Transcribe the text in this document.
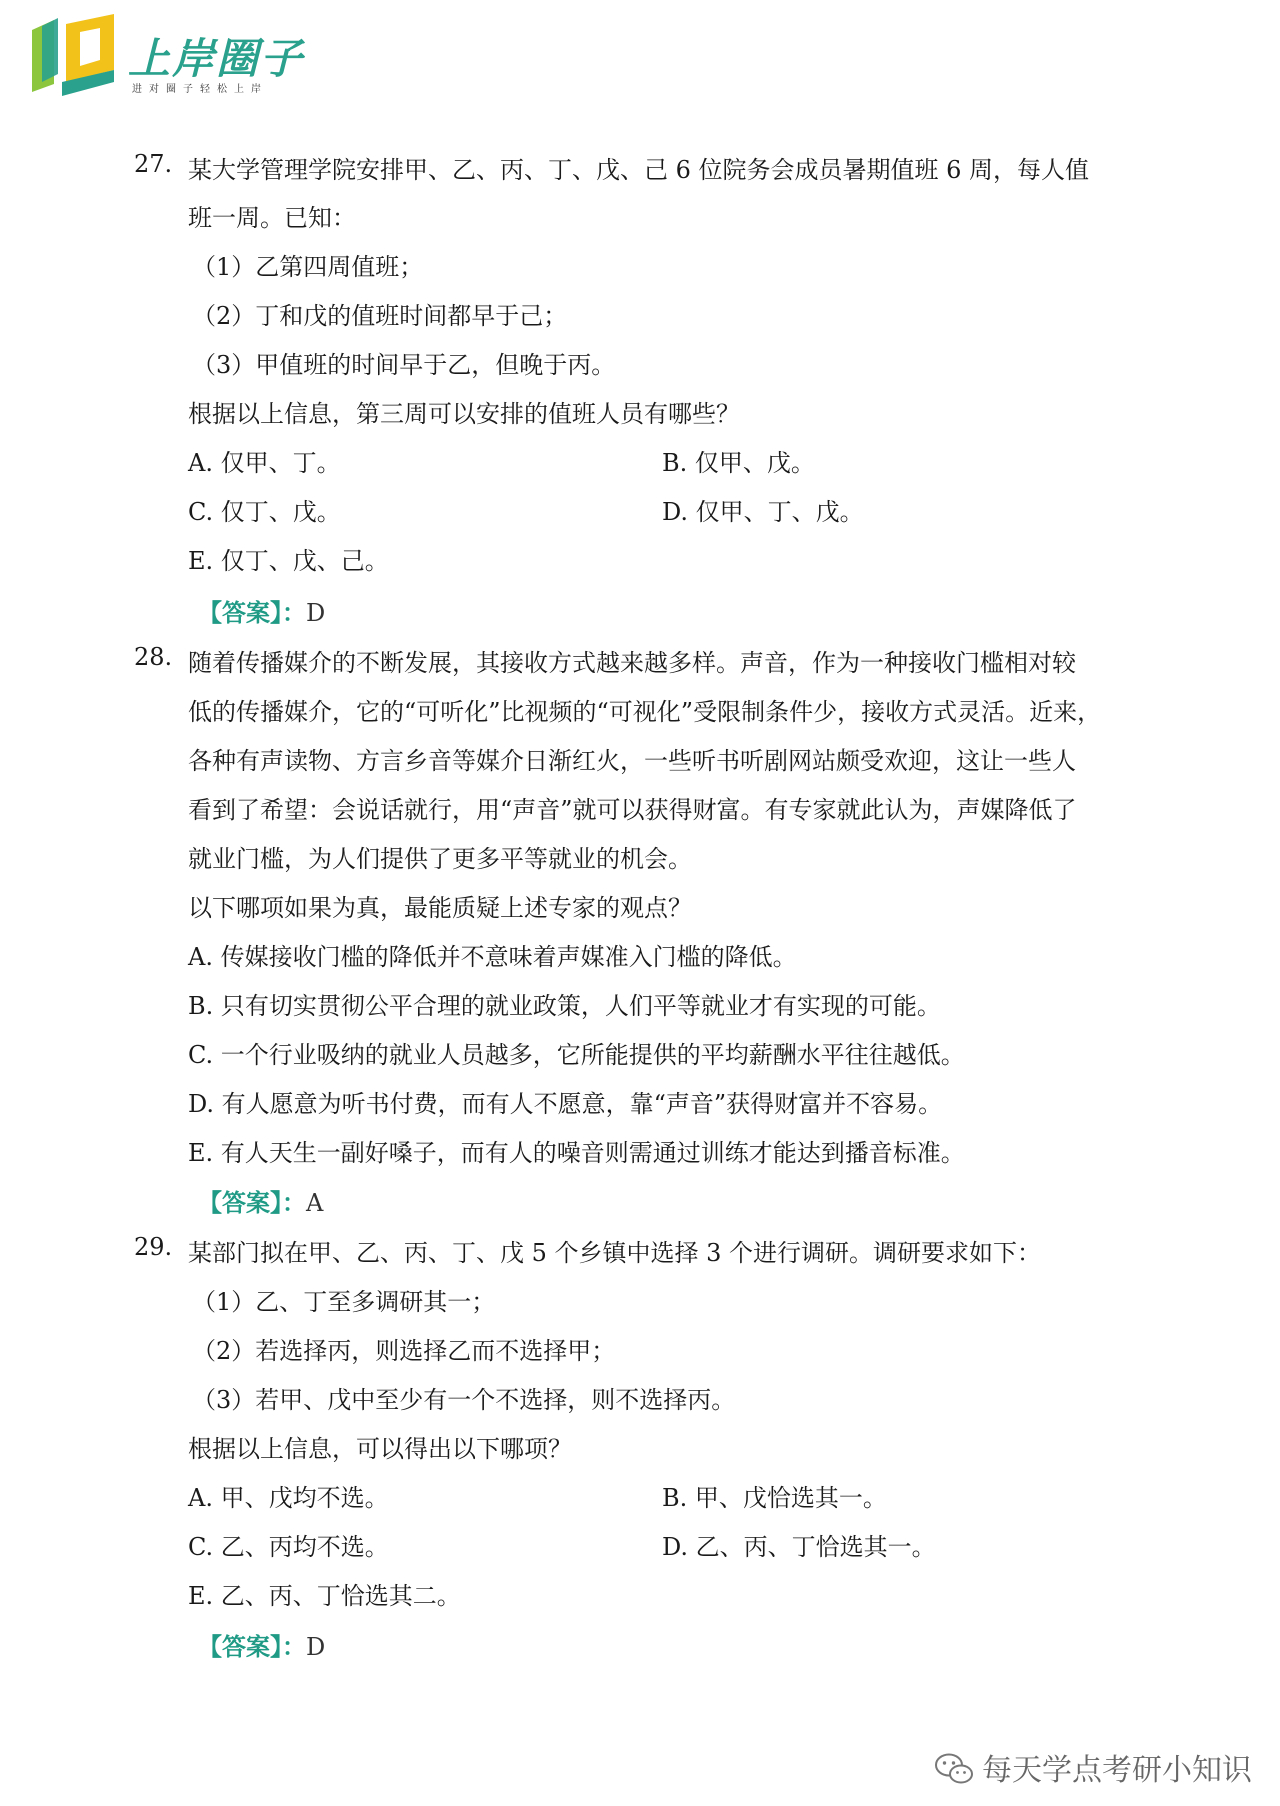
上岸圈子
进对圈子轻松上岸
27. 某大学管理学院安排甲、乙、丙、丁、戊、己 6 位院务会成员暑期值班 6 周，每人值
班一周。已知：
（1）乙第四周值班；
（2）丁和戊的值班时间都早于己；
（3）甲值班的时间早于乙，但晚于丙。
根据以上信息，第三周可以安排的值班人员有哪些？
A. 仅甲、丁。	B. 仅甲、戊。
C. 仅丁、戊。	D. 仅甲、丁、戊。
E. 仅丁、戊、己。
【答案】：D
28. 随着传播媒介的不断发展，其接收方式越来越多样。声音，作为一种接收门槛相对较
低的传播媒介，它的“可听化”比视频的“可视化”受限制条件少，接收方式灵活。近来，
各种有声读物、方言乡音等媒介日渐红火，一些听书听剧网站颇受欢迎，这让一些人
看到了希望：会说话就行，用“声音”就可以获得财富。有专家就此认为，声媒降低了
就业门槛，为人们提供了更多平等就业的机会。
以下哪项如果为真，最能质疑上述专家的观点？
A. 传媒接收门槛的降低并不意味着声媒准入门槛的降低。
B. 只有切实贯彻公平合理的就业政策，人们平等就业才有实现的可能。
C. 一个行业吸纳的就业人员越多，它所能提供的平均薪酬水平往往越低。
D. 有人愿意为听书付费，而有人不愿意，靠“声音”获得财富并不容易。
E. 有人天生一副好嗓子，而有人的噪音则需通过训练才能达到播音标准。
【答案】：A
29. 某部门拟在甲、乙、丙、丁、戊 5 个乡镇中选择 3 个进行调研。调研要求如下：
（1）乙、丁至多调研其一；
（2）若选择丙，则选择乙而不选择甲；
（3）若甲、戊中至少有一个不选择，则不选择丙。
根据以上信息，可以得出以下哪项？
A. 甲、戊均不选。	B. 甲、戊恰选其一。
C. 乙、丙均不选。	D. 乙、丙、丁恰选其一。
E. 乙、丙、丁恰选其二。
【答案】：D
每天学点考研小知识
